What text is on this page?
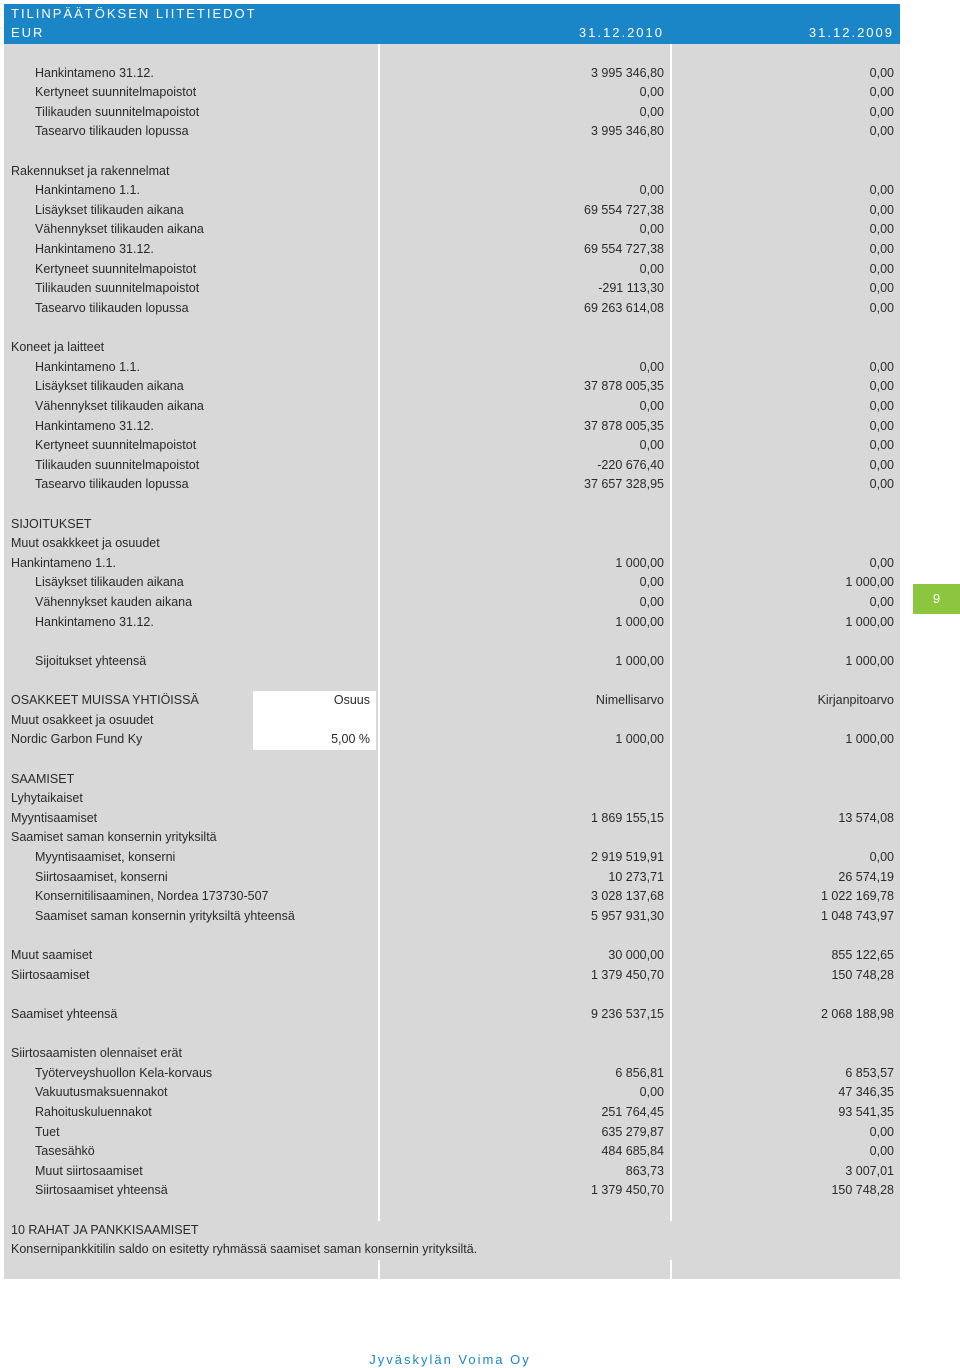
TILINPÄÄTÖKSEN LIITETIEDOT
EUR	31.12.2010	31.12.2009
Hankintameno 31.12.	3 995 346,80	0,00
Kertyneet suunnitelmapoistot	0,00	0,00
Tilikauden suunnitelmapoistot	0,00	0,00
Tasearvo tilikauden lopussa	3 995 346,80	0,00
Rakennukset ja rakennelmat
Hankintameno 1.1.	0,00	0,00
Lisäykset tilikauden aikana	69 554 727,38	0,00
Vähennykset tilikauden aikana	0,00	0,00
Hankintameno 31.12.	69 554 727,38	0,00
Kertyneet suunnitelmapoistot	0,00	0,00
Tilikauden suunnitelmapoistot	-291 113,30	0,00
Tasearvo tilikauden lopussa	69 263 614,08	0,00
Koneet ja laitteet
Hankintameno 1.1.	0,00	0,00
Lisäykset tilikauden aikana	37 878 005,35	0,00
Vähennykset tilikauden aikana	0,00	0,00
Hankintameno 31.12.	37 878 005,35	0,00
Kertyneet suunnitelmapoistot	0,00	0,00
Tilikauden suunnitelmapoistot	-220 676,40	0,00
Tasearvo tilikauden lopussa	37 657 328,95	0,00
SIJOITUKSET
Muut osakkkeet ja osuudet
Hankintameno 1.1.	1 000,00	0,00
Lisäykset tilikauden aikana	0,00	1 000,00
Vähennykset kauden aikana	0,00	0,00
Hankintameno 31.12.	1 000,00	1 000,00
Sijoitukset yhteensä	1 000,00	1 000,00
OSAKKEET MUISSA YHTIÖISSÄ	Osuus	Nimellisarvo	Kirjanpitoarvo
Muut osakkeet ja osuudet
Nordic Garbon Fund Ky	5,00 %	1 000,00	1 000,00
SAAMISET
Lyhytaikaiset
Myyntisaamiset	1 869 155,15	13 574,08
Saamiset saman konsernin yrityksiltä
Myyntisaamiset, konserni	2 919 519,91	0,00
Siirtosaamiset, konserni	10 273,71	26 574,19
Konsernitilisaaminen, Nordea 173730-507	3 028 137,68	1 022 169,78
Saamiset saman konsernin yrityksiltä yhteensä	5 957 931,30	1 048 743,97
Muut saamiset	30 000,00	855 122,65
Siirtosaamiset	1 379 450,70	150 748,28
Saamiset yhteensä	9 236 537,15	2 068 188,98
Siirtosaamisten olennaiset erät
Työterveyshuollon Kela-korvaus	6 856,81	6 853,57
Vakuutusmaksuennakot	0,00	47 346,35
Rahoituskuluennakot	251 764,45	93 541,35
Tuet	635 279,87	0,00
Tasesähkö	484 685,84	0,00
Muut siirtosaamiset	863,73	3 007,01
Siirtosaamiset yhteensä	1 379 450,70	150 748,28
10 RAHAT JA PANKKISAAMISET
Konsernipankkitilin saldo on esitetty ryhmässä saamiset saman konsernin yrityksiltä.
9
Jyväskylän Voima Oy
